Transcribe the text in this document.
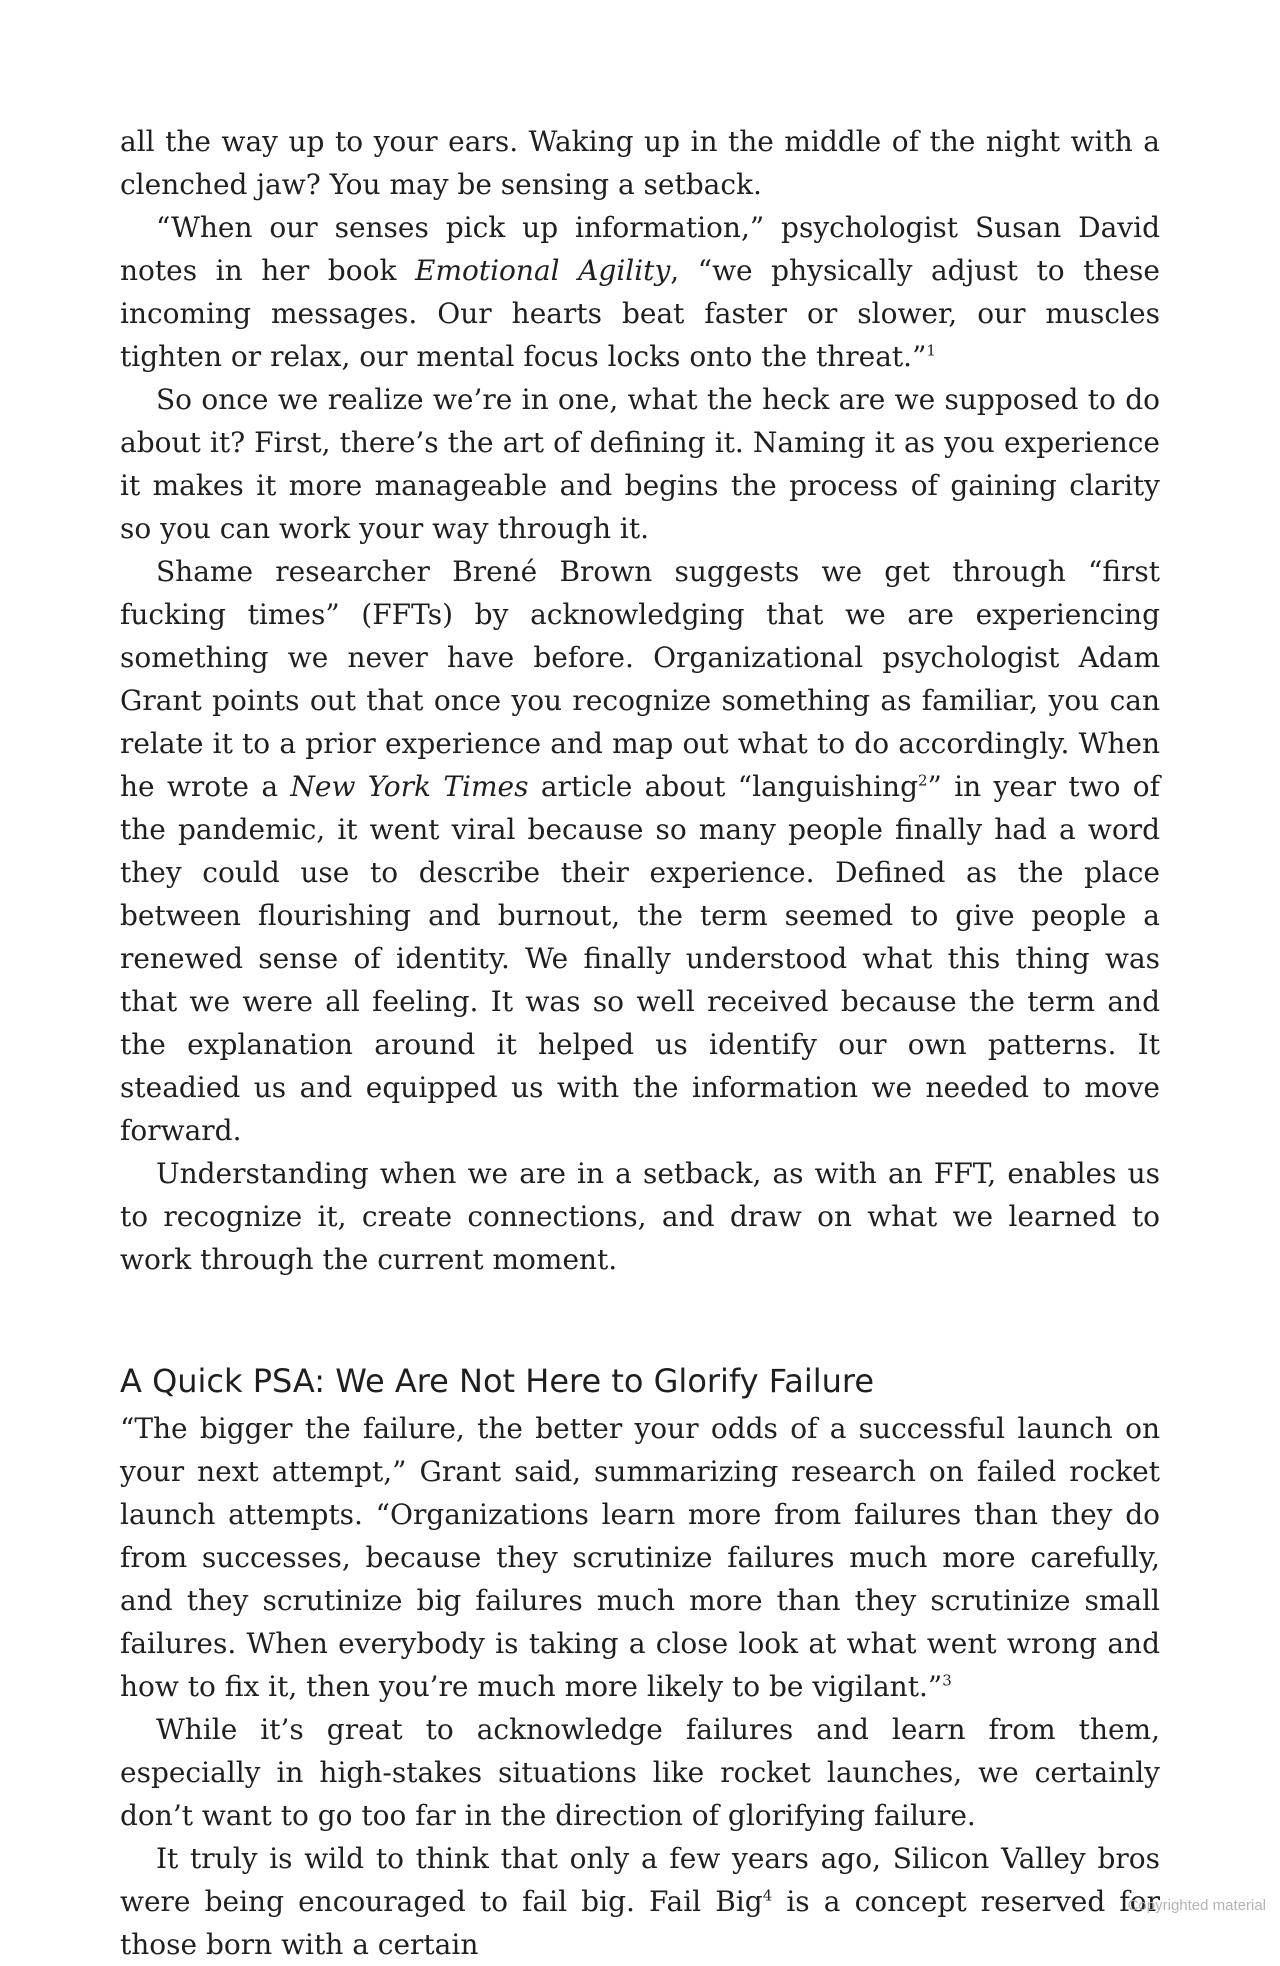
all the way up to your ears. Waking up in the middle of the night with a clenched jaw? You may be sensing a setback.

“When our senses pick up information,” psychologist Susan David notes in her book Emotional Agility, “we physically adjust to these incoming messages. Our hearts beat faster or slower, our muscles tighten or relax, our mental focus locks onto the threat.”$^1$

So once we realize we’re in one, what the heck are we supposed to do about it? First, there’s the art of defining it. Naming it as you experience it makes it more manageable and begins the process of gaining clarity so you can work your way through it.

Shame researcher Brené Brown suggests we get through “first fucking times” (FFTs) by acknowledging that we are experiencing something we never have before. Organizational psychologist Adam Grant points out that once you recognize something as familiar, you can relate it to a prior experience and map out what to do accordingly. When he wrote a New York Times article about “languishing$^2$” in year two of the pandemic, it went viral because so many people finally had a word they could use to describe their experience. Defined as the place between flourishing and burnout, the term seemed to give people a renewed sense of identity. We finally understood what this thing was that we were all feeling. It was so well received because the term and the explanation around it helped us identify our own patterns. It steadied us and equipped us with the information we needed to move forward.

Understanding when we are in a setback, as with an FFT, enables us to recognize it, create connections, and draw on what we learned to work through the current moment.

A Quick PSA: We Are Not Here to Glorify Failure

“The bigger the failure, the better your odds of a successful launch on your next attempt,” Grant said, summarizing research on failed rocket launch attempts. “Organizations learn more from failures than they do from successes, because they scrutinize failures much more carefully, and they scrutinize big failures much more than they scrutinize small failures. When everybody is taking a close look at what went wrong and how to fix it, then you’re much more likely to be vigilant.”$^3$

While it’s great to acknowledge failures and learn from them, especially in high-stakes situations like rocket launches, we certainly don’t want to go too far in the direction of glorifying failure.

It truly is wild to think that only a few years ago, Silicon Valley bros were being encouraged to fail big. Fail Big$^4$ is a concept reserved for those born with a certain

Copyrighted material
